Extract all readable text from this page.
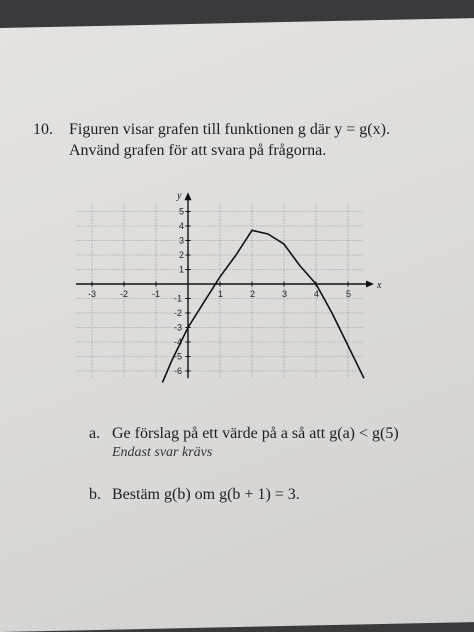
10. Figuren visar grafen till funktionen g där y = g(x).
Använd grafen för att svara på frågorna.
x
y
-3	-2	-1	1	2	3	4	5
5
4
3
2
1
-1
-2
-3
-4
-5
-6
a. Ge förslag på ett värde på a så att g(a) < g(5)
Endast svar krävs
b. Bestäm g(b) om g(b + 1) = 3.
